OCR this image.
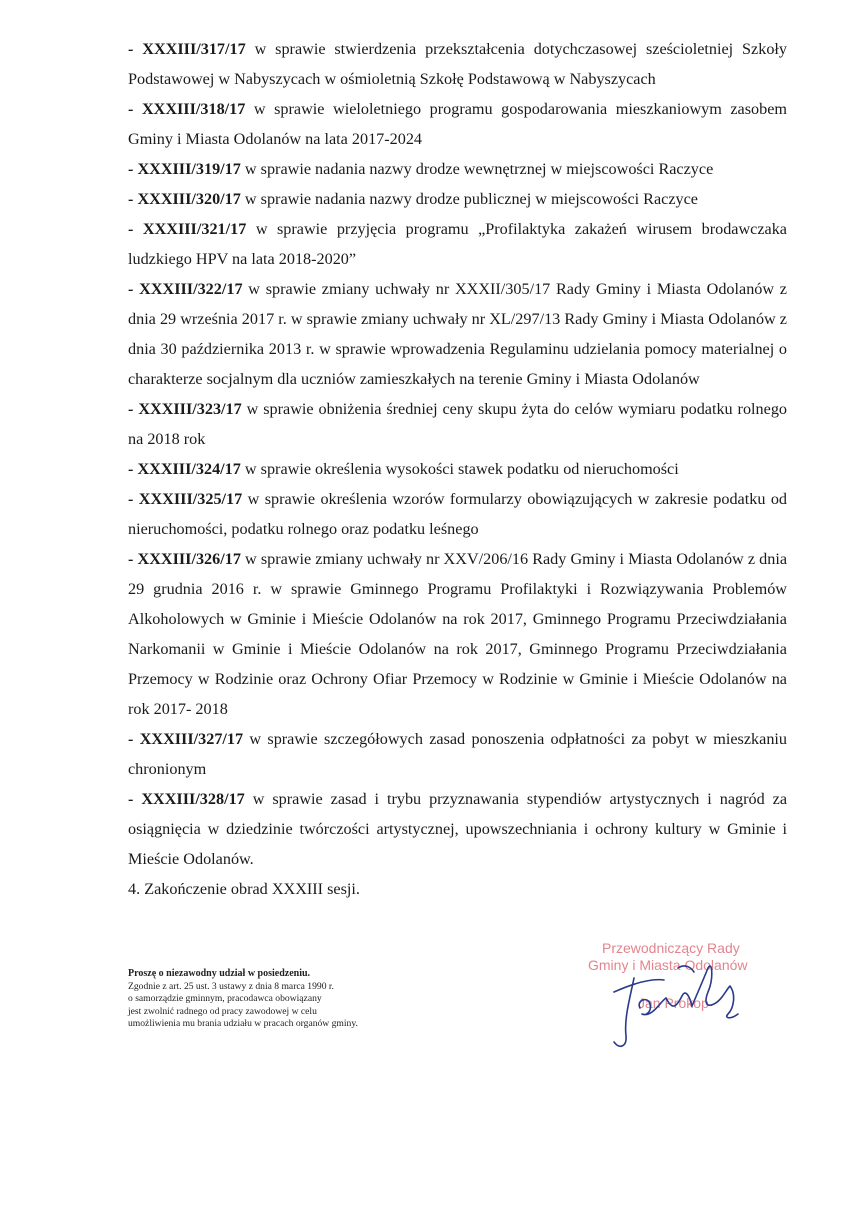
- XXXIII/317/17 w sprawie stwierdzenia przekształcenia dotychczasowej sześcioletniej Szkoły Podstawowej w Nabyszycach w ośmioletnią Szkołę Podstawową w Nabyszycach

- XXXIII/318/17 w sprawie wieloletniego programu gospodarowania mieszkaniowym zasobem Gminy i Miasta Odolanów na lata 2017-2024

- XXXIII/319/17 w sprawie nadania nazwy drodze wewnętrznej w miejscowości Raczyce

- XXXIII/320/17 w sprawie nadania nazwy drodze publicznej w miejscowości Raczyce

- XXXIII/321/17 w sprawie przyjęcia programu „Profilaktyka zakażeń wirusem brodawczaka ludzkiego HPV na lata 2018-2020”

- XXXIII/322/17 w sprawie zmiany uchwały nr XXXII/305/17 Rady Gminy i Miasta Odolanów z dnia 29 września 2017 r. w sprawie zmiany uchwały nr XL/297/13 Rady Gminy i Miasta Odolanów z dnia 30 października 2013 r. w sprawie wprowadzenia Regulaminu udzielania pomocy materialnej o charakterze socjalnym dla uczniów zamieszkałych na terenie Gminy i Miasta Odolanów

- XXXIII/323/17 w sprawie obniżenia średniej ceny skupu żyta do celów wymiaru podatku rolnego na 2018 rok

- XXXIII/324/17 w sprawie określenia wysokości stawek podatku od nieruchomości

- XXXIII/325/17 w sprawie określenia wzorów formularzy obowiązujących w zakresie podatku od nieruchomości, podatku rolnego oraz podatku leśnego

- XXXIII/326/17 w sprawie zmiany uchwały nr XXV/206/16 Rady Gminy i Miasta Odolanów z dnia 29 grudnia 2016 r. w sprawie Gminnego Programu Profilaktyki i Rozwiązywania Problemów Alkoholowych w Gminie i Mieście Odolanów na rok 2017, Gminnego Programu Przeciwdziałania Narkomanii w Gminie i Mieście Odolanów na rok 2017, Gminnego Programu Przeciwdziałania Przemocy w Rodzinie oraz Ochrony Ofiar Przemocy w Rodzinie w Gminie i Mieście Odolanów na rok 2017- 2018

- XXXIII/327/17 w sprawie szczegółowych zasad ponoszenia odpłatności za pobyt w mieszkaniu chronionym

- XXXIII/328/17 w sprawie zasad i trybu przyznawania stypendiów artystycznych i nagród za osiągnięcia w dziedzinie twórczości artystycznej, upowszechniania i ochrony kultury w Gminie i Mieście Odolanów.

4. Zakończenie obrad XXXIII sesji.

Proszę o niezawodny udział w posiedzeniu.
Zgodnie z art. 25 ust. 3 ustawy z dnia 8 marca 1990 r.
o samorządzie gminnym, pracodawca obowiązany
jest zwolnić radnego od pracy zawodowej w celu
umożliwienia mu brania udziału w pracach organów gminy.
Przewodniczący Rady
Gminy i Miasta Odolanów
Jan Prokop
